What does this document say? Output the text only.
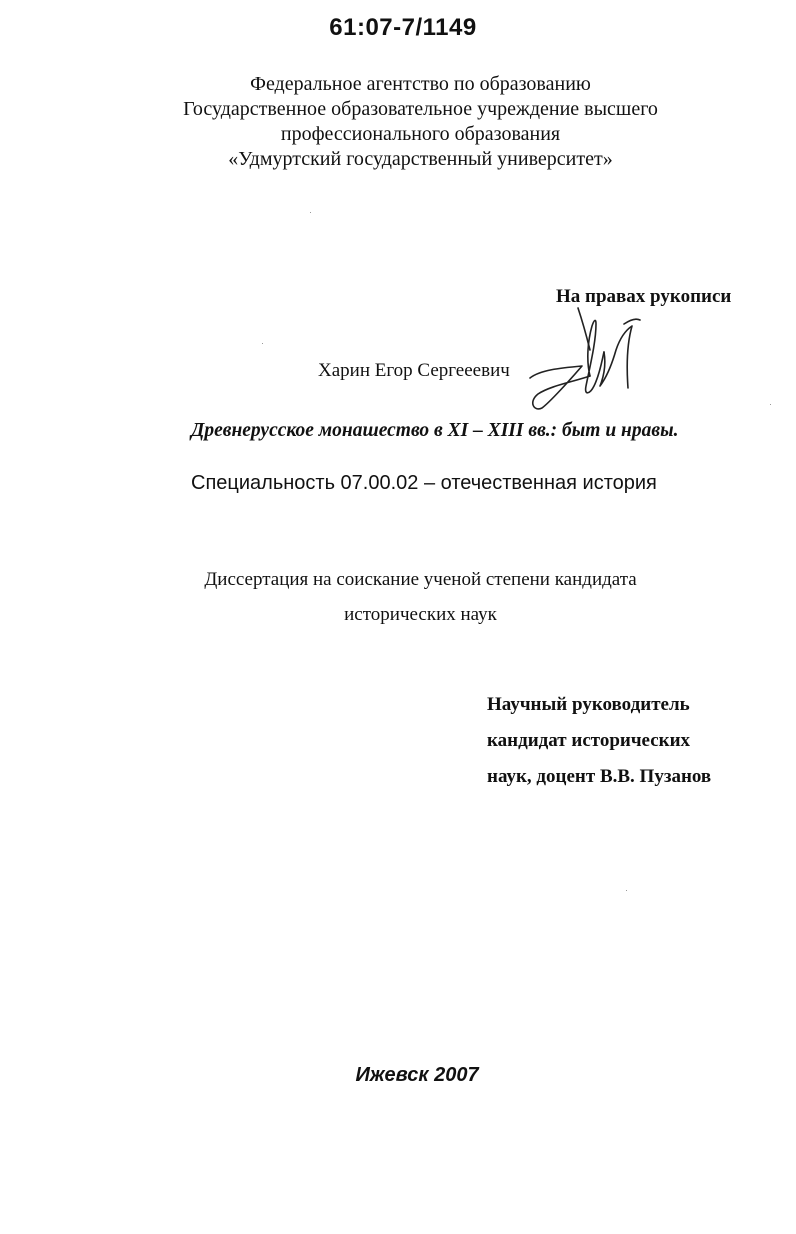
61:07-7/1149
Федеральное агентство по образованию
Государственное образовательное учреждение высшего
профессионального образования
«Удмуртский государственный университет»
На правах рукописи
Харин Егор Сергееевич
Древнерусское монашество в XI – XIII вв.: быт и нравы.
Специальность 07.00.02 – отечественная история
Диссертация на соискание ученой степени кандидата
исторических наук
Научный руководитель
кандидат исторических
наук, доцент В.В. Пузанов
Ижевск 2007
